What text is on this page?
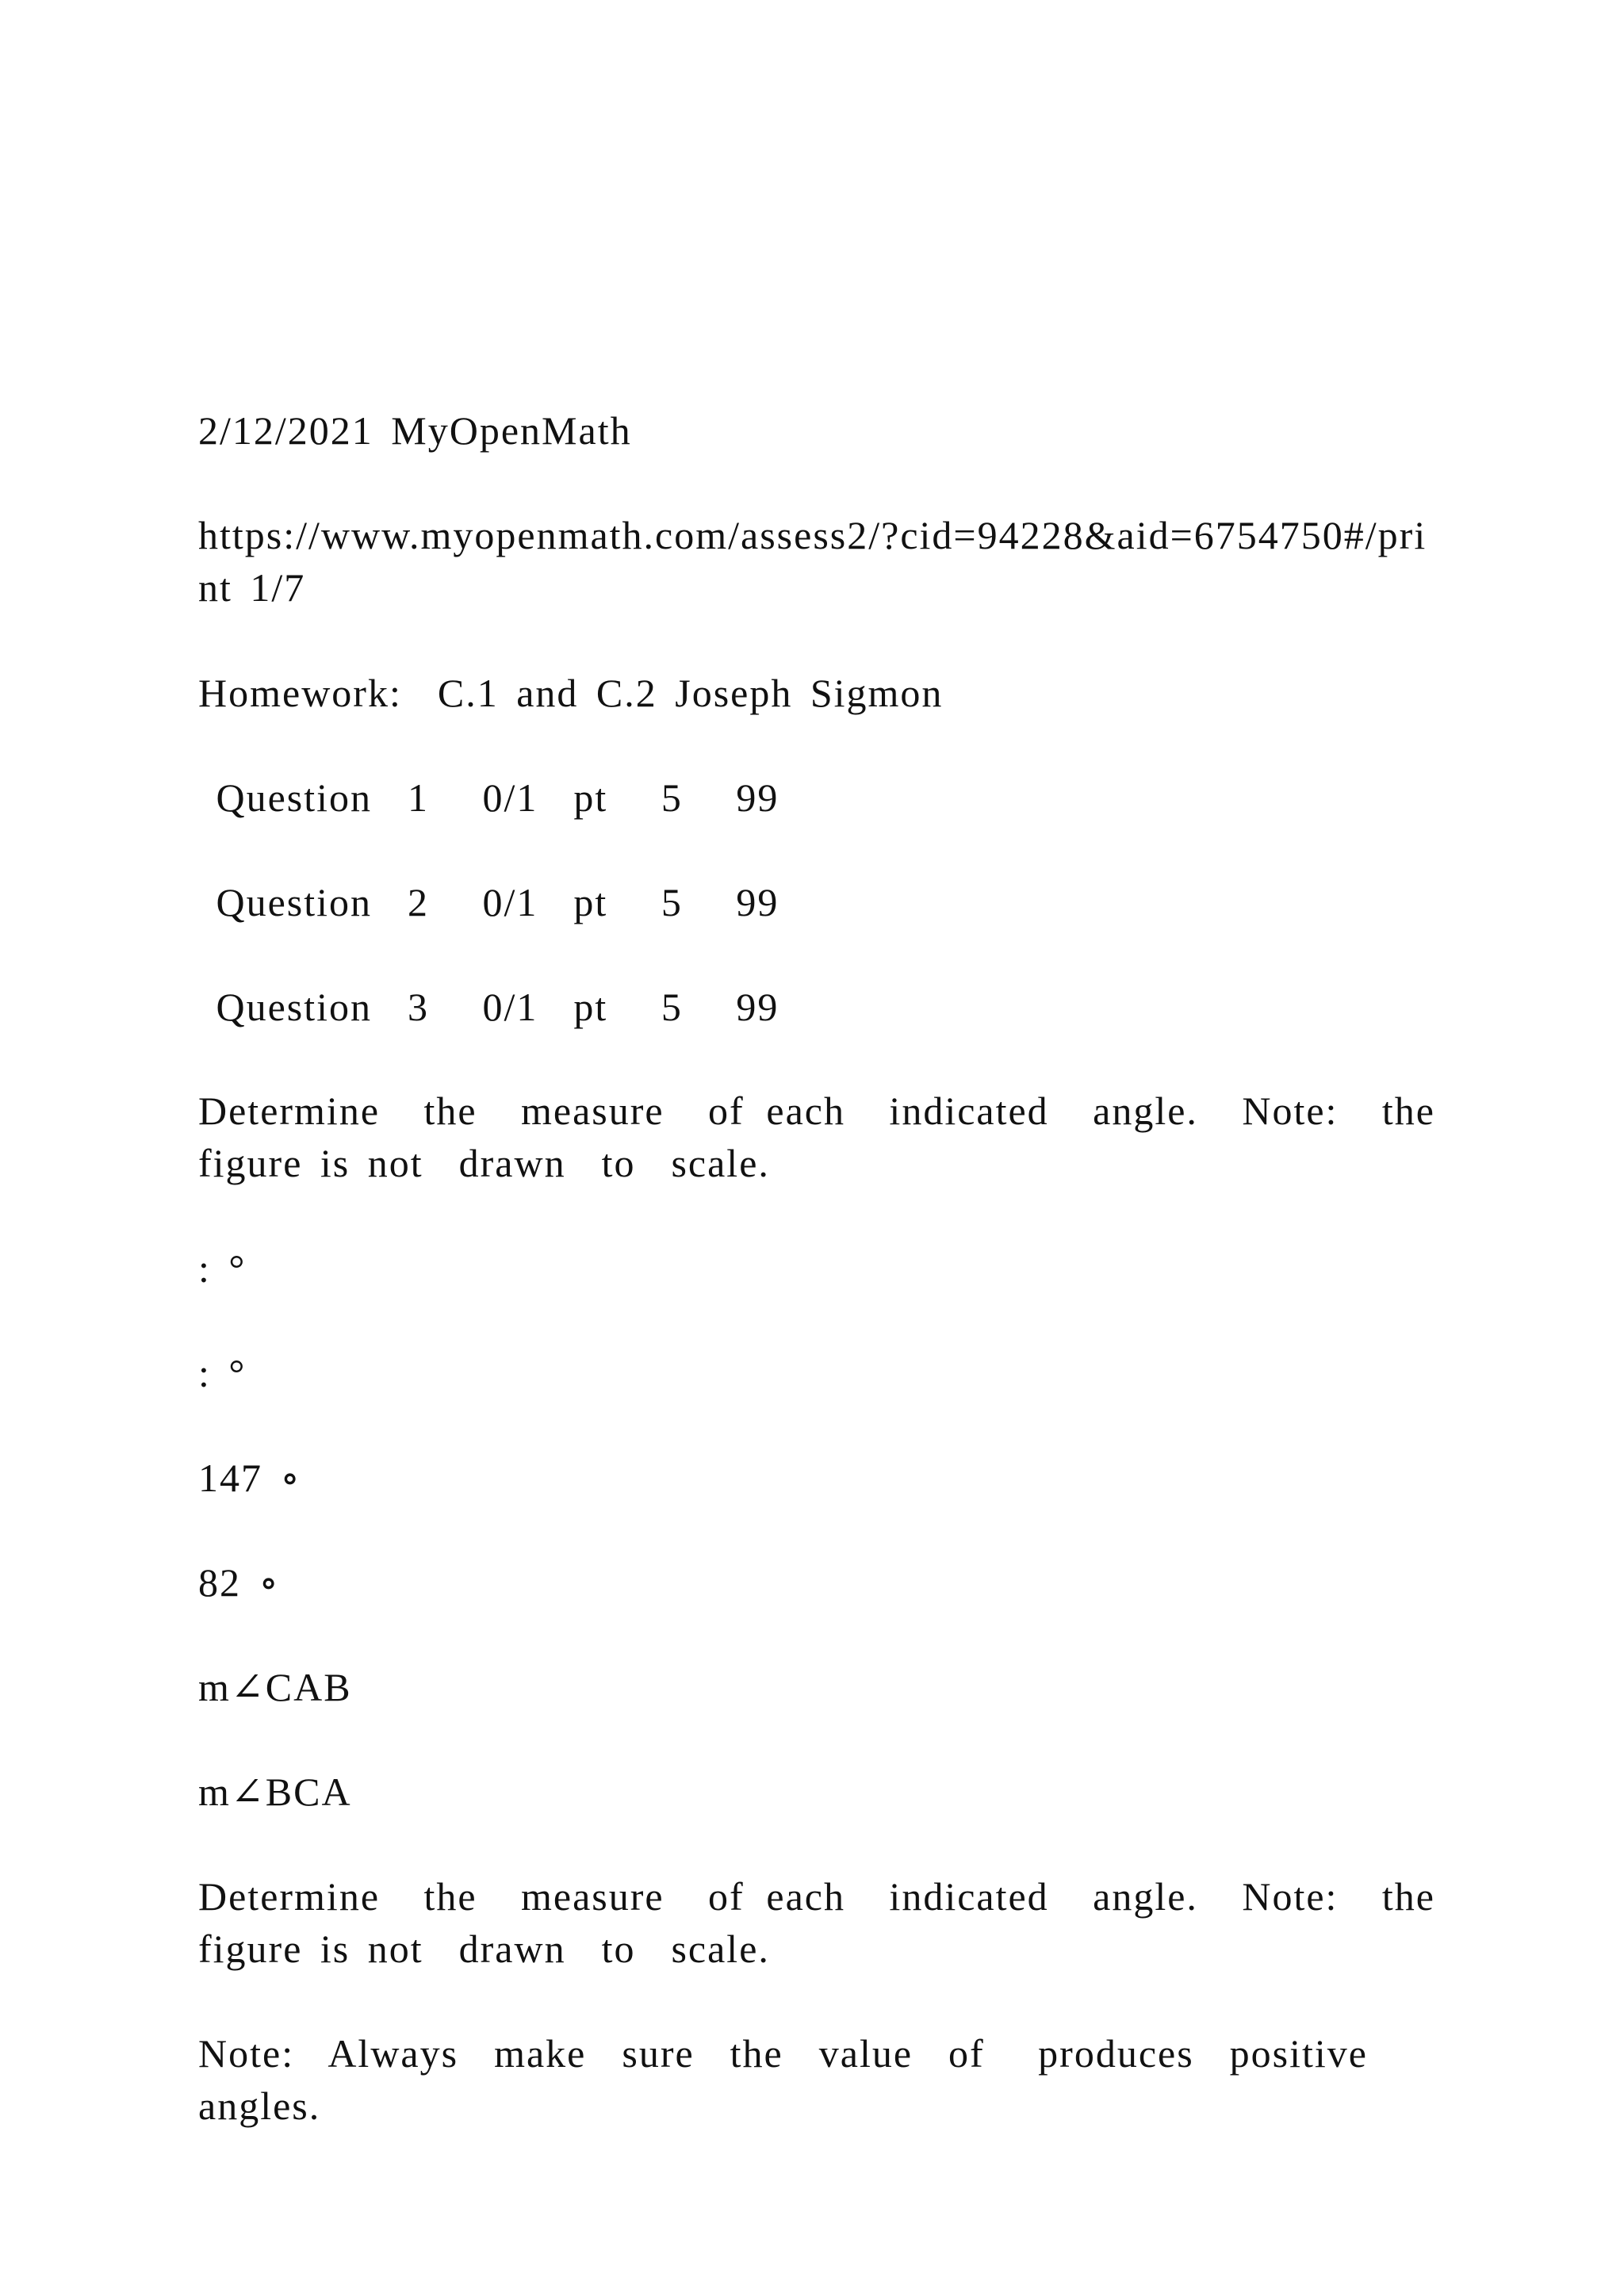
2/12/2021 MyOpenMath
https://www.myopenmath.com/assess2/?cid=94228&aid=6754750#/print 1/7
Homework:  C.1 and C.2 Joseph Sigmon
Question  1   0/1  pt   5   99
Question  2   0/1  pt   5   99
Question  3   0/1  pt   5   99
Determine  the  measure  of each  indicated  angle.  Note:  the  figure is not  drawn  to  scale.
: °
: °
147 ∘
82 ∘
m∠CAB
m∠BCA
Determine  the  measure  of each  indicated  angle.  Note:  the  figure is not  drawn  to  scale.
Note:  Always  make  sure  the  value  of   produces  positive  angles.
